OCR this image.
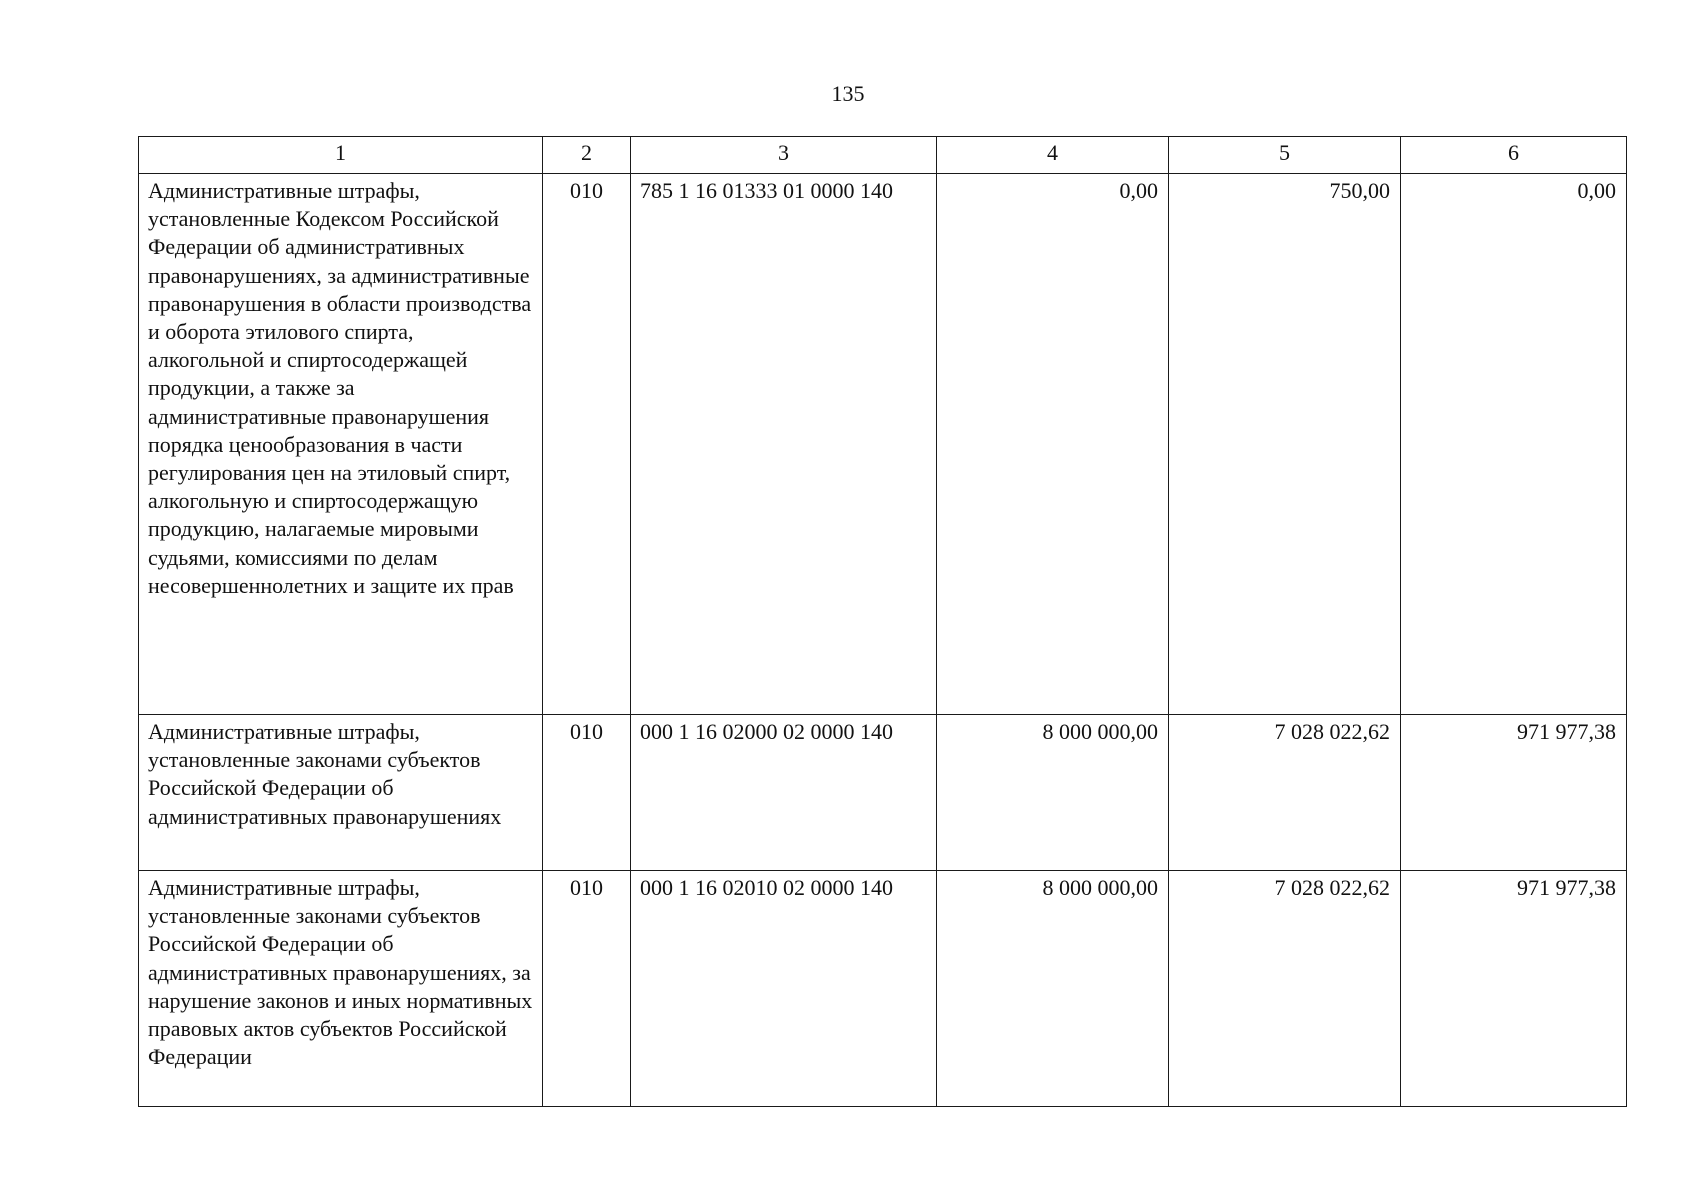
135
1	2	3	4	5	6
Административные штрафы, установленные Кодексом Российской Федерации об административных правонарушениях, за административные правонарушения в области производства и оборота этилового спирта, алкогольной и спиртосодержащей продукции, а также за административные правонарушения порядка ценообразования в части регулирования цен на этиловый спирт, алкогольную и спиртосодержащую продукцию, налагаемые мировыми судьями, комиссиями по делам несовершеннолетних и защите их прав	010	785 1 16 01333 01 0000 140	0,00	750,00	0,00
Административные штрафы, установленные законами субъектов Российской Федерации об административных правонарушениях	010	000 1 16 02000 02 0000 140	8 000 000,00	7 028 022,62	971 977,38
Административные штрафы, установленные законами субъектов Российской Федерации об административных правонарушениях, за нарушение законов и иных нормативных правовых актов субъектов Российской Федерации	010	000 1 16 02010 02 0000 140	8 000 000,00	7 028 022,62	971 977,38
